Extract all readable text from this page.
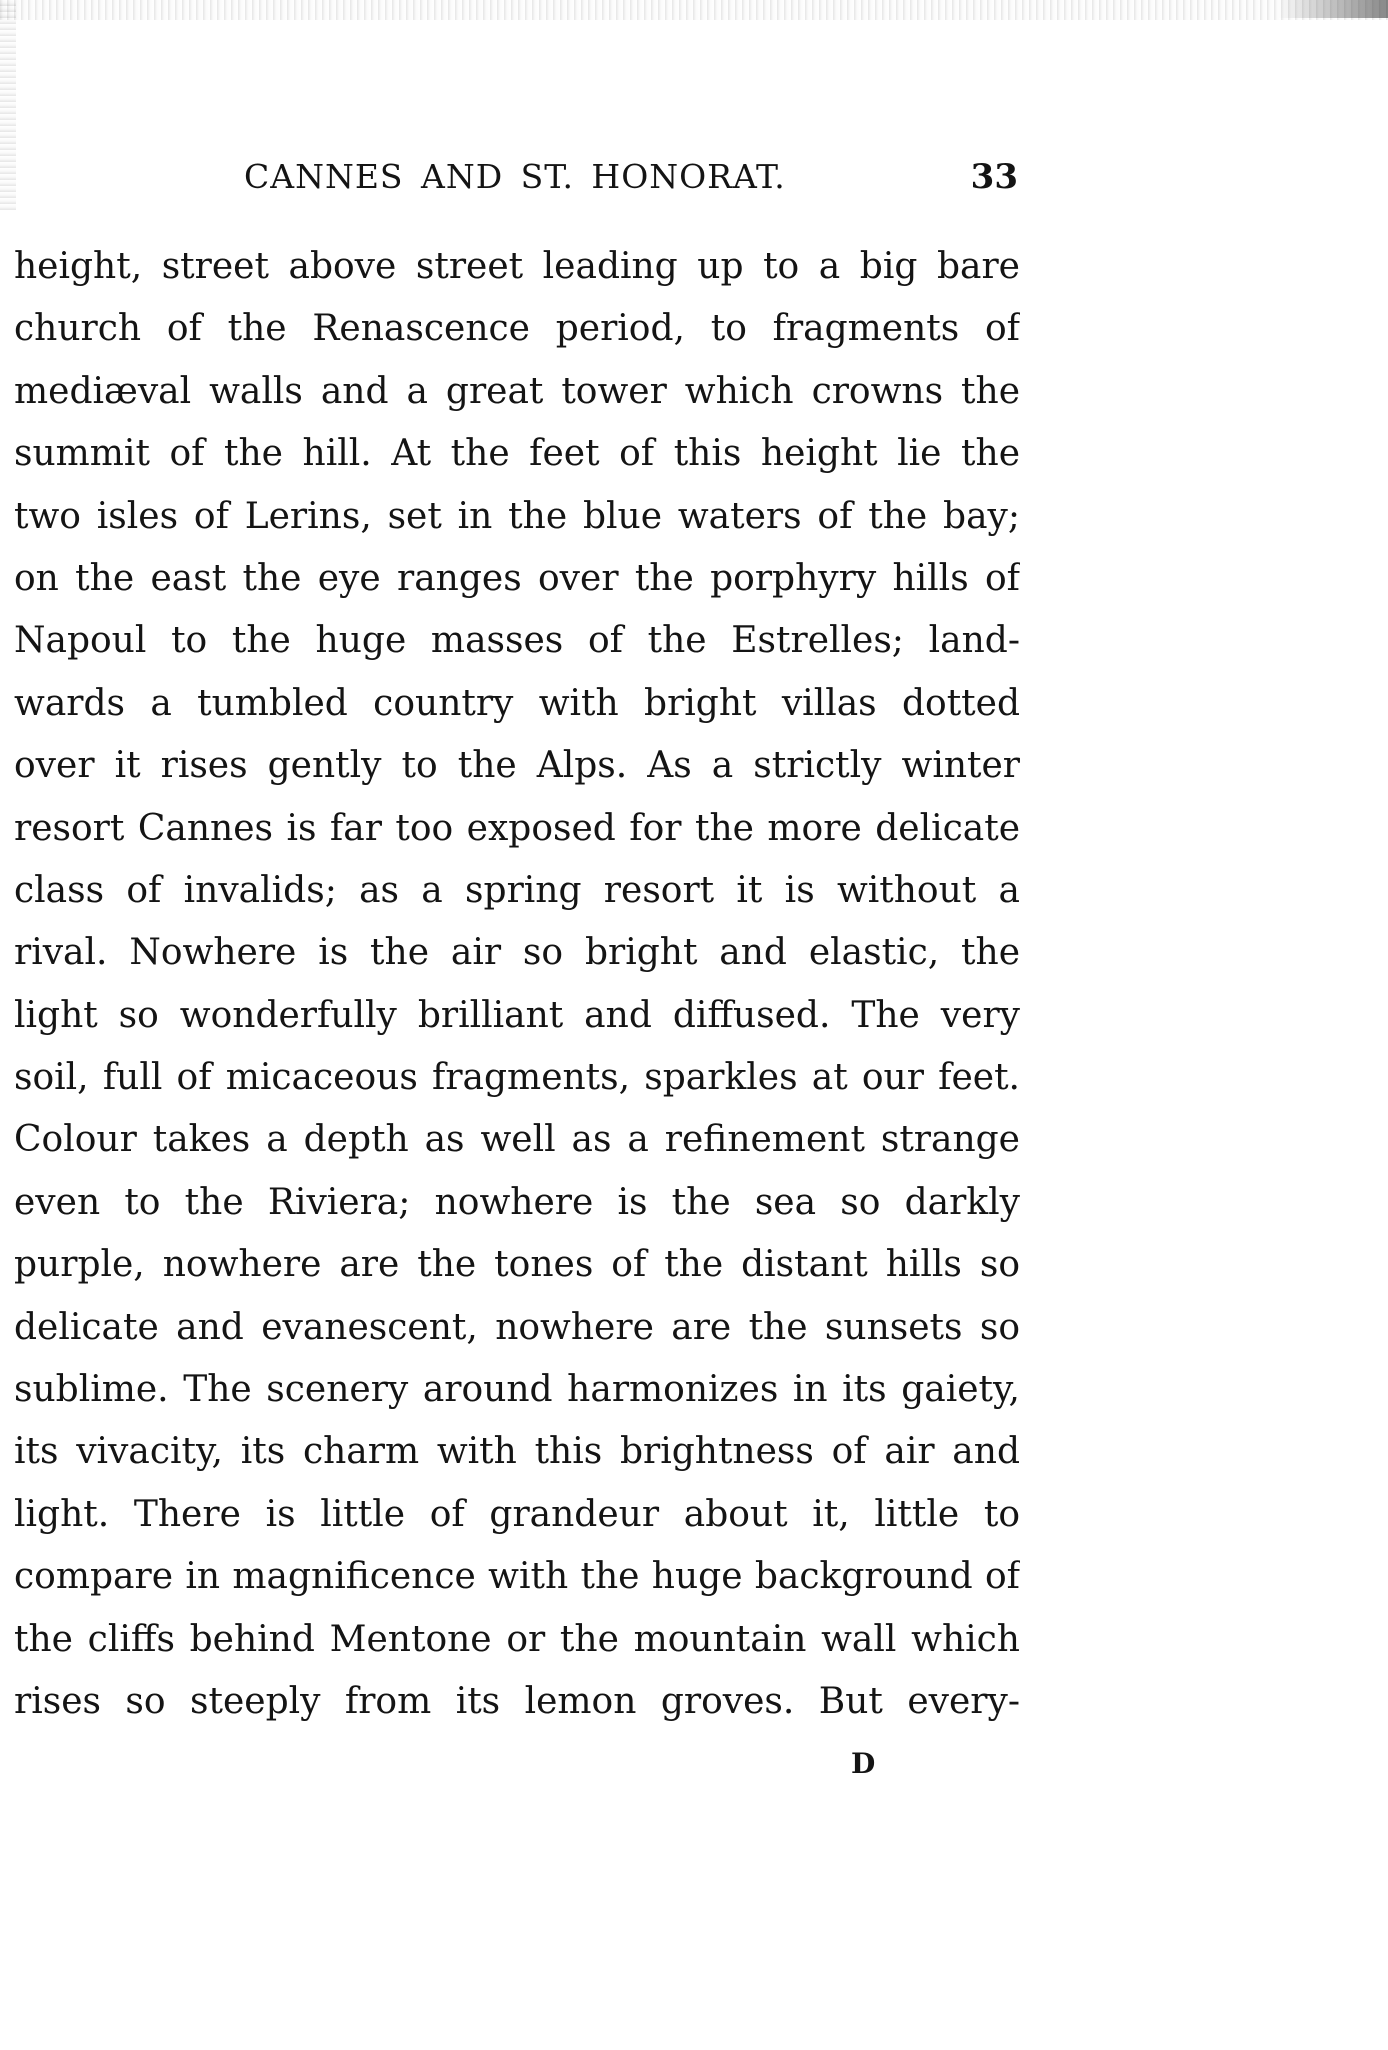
CANNES AND ST. HONORAT.	33
height, street above street leading up to a big bare
church of the Renascence period, to fragments of
mediæval walls and a great tower which crowns the
summit of the hill. At the feet of this height lie the
two isles of Lerins, set in the blue waters of the bay;
on the east the eye ranges over the porphyry hills of
Napoul to the huge masses of the Estrelles; land-
wards a tumbled country with bright villas dotted
over it rises gently to the Alps. As a strictly winter
resort Cannes is far too exposed for the more delicate
class of invalids; as a spring resort it is without a
rival. Nowhere is the air so bright and elastic, the
light so wonderfully brilliant and diffused. The very
soil, full of micaceous fragments, sparkles at our feet.
Colour takes a depth as well as a refinement strange
even to the Riviera; nowhere is the sea so darkly
purple, nowhere are the tones of the distant hills so
delicate and evanescent, nowhere are the sunsets so
sublime. The scenery around harmonizes in its gaiety,
its vivacity, its charm with this brightness of air and
light. There is little of grandeur about it, little to
compare in magnificence with the huge background of
the cliffs behind Mentone or the mountain wall which
rises so steeply from its lemon groves. But every-
D
